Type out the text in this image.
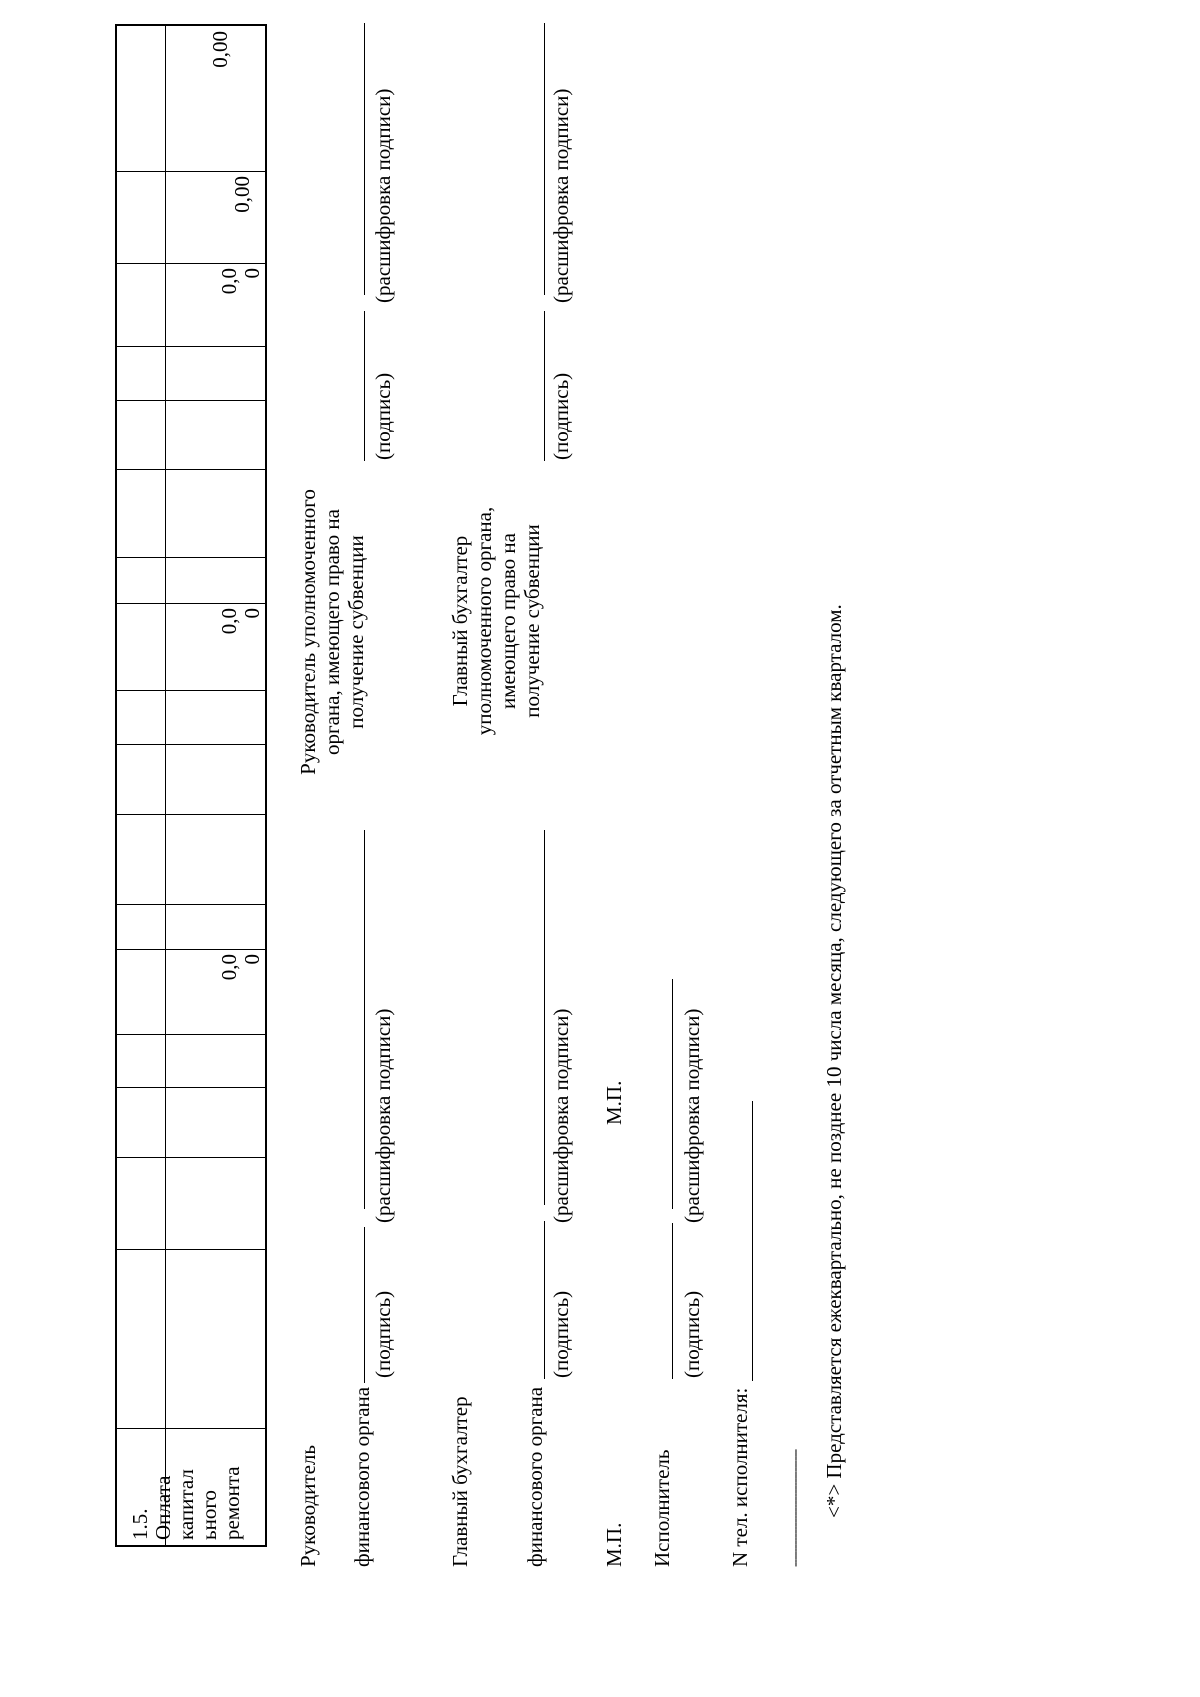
1.5. Оплата капитал ьного ремонта
0,0 0
0,0 0
0,0 0
0,00
0,00
Руководитель финансового органа
(подпись)
(расшифровка подписи)
Главный бухгалтер финансового органа
(подпись)
(расшифровка подписи)
М.П.
М.П.
Исполнитель
(подпись)
(расшифровка подписи)
N тел. исполнителя:	-------------------------------- <*> Представляется ежеквартально, не позднее 10 числа месяца, следующего за отчетным кварталом.
Руководитель уполномоченного органа, имеющего право на получение субвенции
(подпись)
(расшифровка подписи)
Главный бухгалтер уполномоченного органа, имеющего право на получение субвенции
(подпись)
(расшифровка подписи)
